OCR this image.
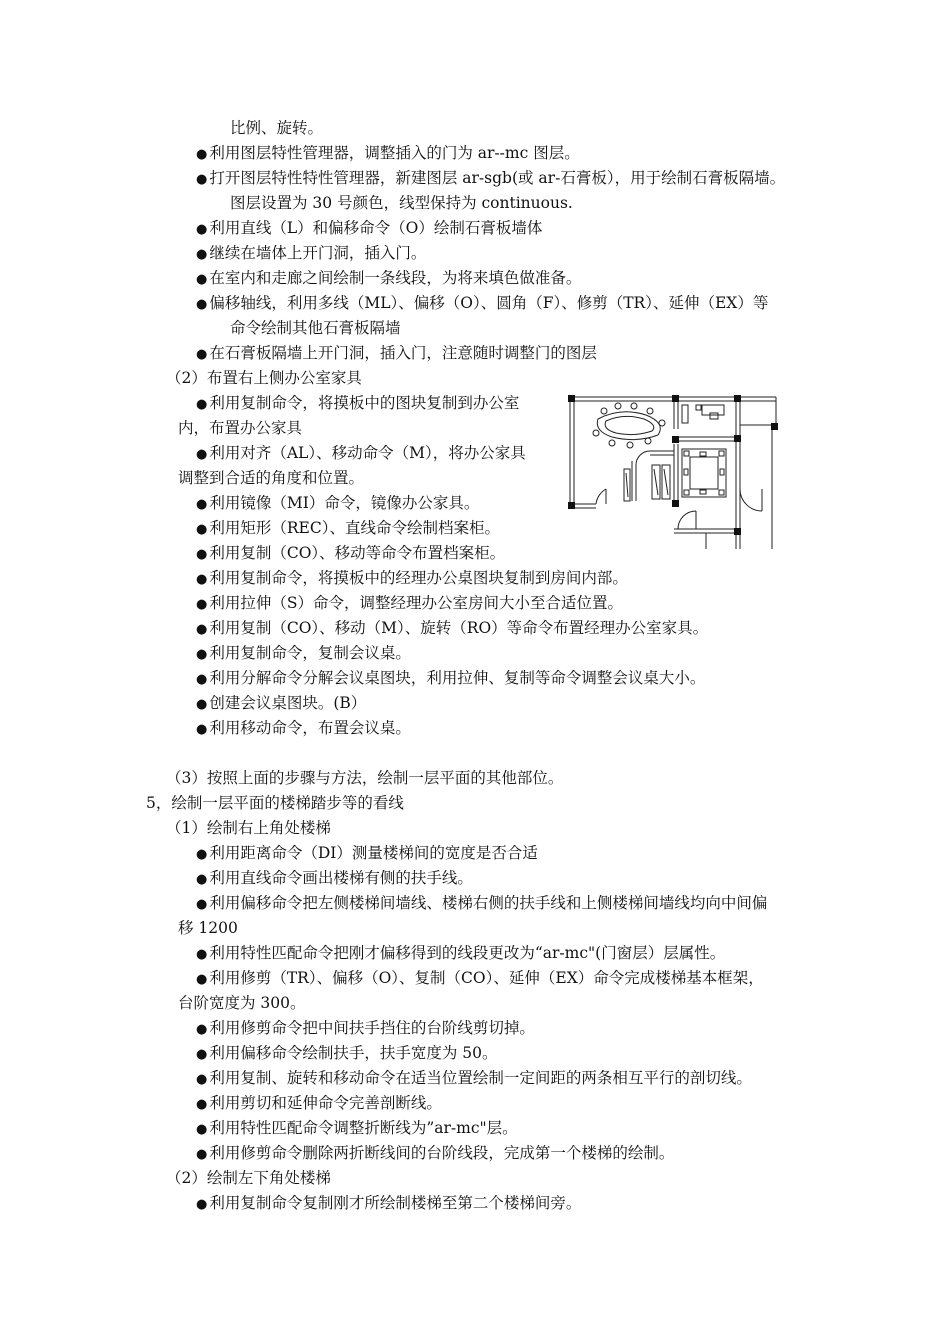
比例、旋转。
● 利用图层特性管理器，调整插入的门为 ar--mc 图层。
● 打开图层特性特性管理器，新建图层 ar-sgb(或 ar-石膏板），用于绘制石膏板隔墙。
图层设置为 30 号颜色，线型保持为 continuous.
● 利用直线（L）和偏移命令（O）绘制石膏板墙体
● 继续在墙体上开门洞，插入门。
● 在室内和走廊之间绘制一条线段，为将来填色做准备。
● 偏移轴线，利用多线（ML）、偏移（O）、圆角（F）、修剪（TR）、延伸（EX）等
命令绘制其他石膏板隔墙
● 在石膏板隔墙上开门洞，插入门，注意随时调整门的图层
（2）布置右上侧办公室家具
● 利用复制命令，将摸板中的图块复制到办公室
内，布置办公家具
● 利用对齐（AL）、移动命令（M），将办公家具
调整到合适的角度和位置。
● 利用镜像（MI）命令，镜像办公家具。
● 利用矩形（REC）、直线命令绘制档案柜。
● 利用复制（CO）、移动等命令布置档案柜。
● 利用复制命令，将摸板中的经理办公桌图块复制到房间内部。
● 利用拉伸（S）命令，调整经理办公室房间大小至合适位置。
● 利用复制（CO）、移动（M）、旋转（RO）等命令布置经理办公室家具。
● 利用复制命令，复制会议桌。
● 利用分解命令分解会议桌图块，利用拉伸、复制等命令调整会议桌大小。
● 创建会议桌图块。(B）
● 利用移动命令，布置会议桌。
（3）按照上面的步骤与方法，绘制一层平面的其他部位。
5，绘制一层平面的楼梯踏步等的看线
（1）绘制右上角处楼梯
● 利用距离命令（DI）测量楼梯间的宽度是否合适
● 利用直线命令画出楼梯有侧的扶手线。
● 利用偏移命令把左侧楼梯间墙线、楼梯右侧的扶手线和上侧楼梯间墙线均向中间偏
移 1200
● 利用特性匹配命令把刚才偏移得到的线段更改为“ar-mc"(门窗层）层属性。
● 利用修剪（TR）、偏移（O）、复制（CO）、延伸（EX）命令完成楼梯基本框架，
台阶宽度为 300。
● 利用修剪命令把中间扶手挡住的台阶线剪切掉。
● 利用偏移命令绘制扶手，扶手宽度为 50。
● 利用复制、旋转和移动命令在适当位置绘制一定间距的两条相互平行的剖切线。
● 利用剪切和延伸命令完善剖断线。
● 利用特性匹配命令调整折断线为”ar-mc"层。
● 利用修剪命令删除两折断线间的台阶线段，完成第一个楼梯的绘制。
（2）绘制左下角处楼梯
● 利用复制命令复制刚才所绘制楼梯至第二个楼梯间旁。
